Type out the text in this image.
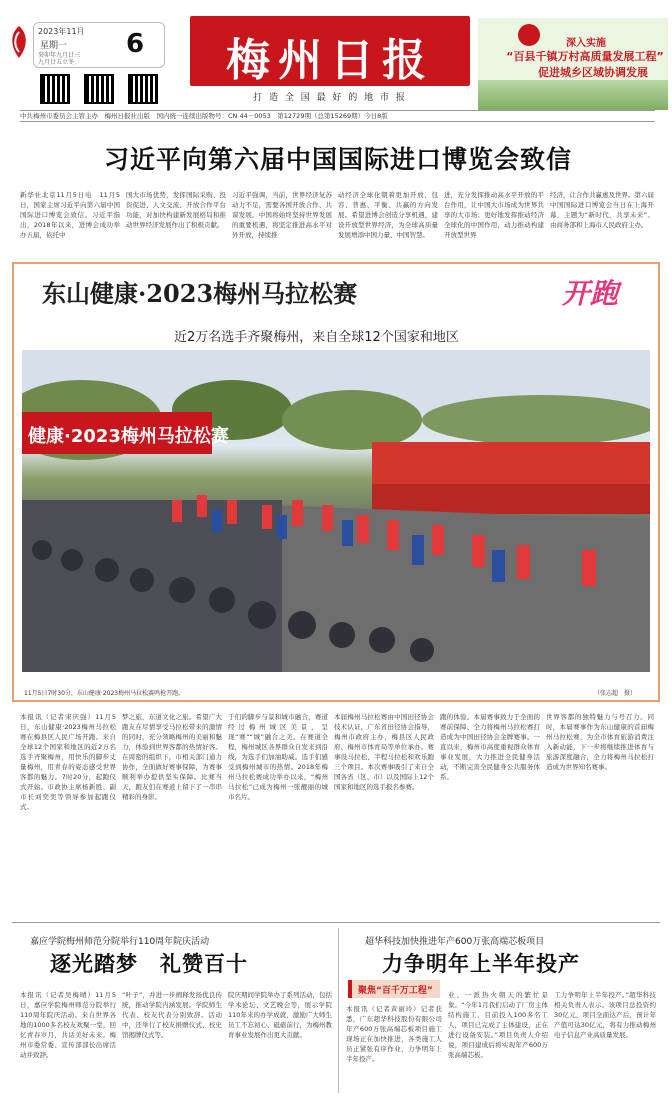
2023年11月
星期一
癸卯年九月廿三
九月廿五立冬
6	梅州日报
打 造 全 国 最 好 的 地 市 报
深入实施
“百县千镇万村高质量发展工程”
促进城乡区域协调发展
中共梅州市委员会主管主办　梅州日报社出版　国内统一连续出版物号：CN 44－0053　第12729期（总第15269期）今日8版
习近平向第六届中国国际进口博览会致信
新华社北京11月5日电　11月5日，国家主席习近平向第六届中国国际进口博览会致信。习近平指出，2018年以来，进博会成功举办五届，依托中
国大市场优势，发挥国际采购、投资促进、人文交流、开放合作平台功能，对加快构建新发展格局和推动世界经济发展作出了积极贡献。
习近平强调，当前，世界经济复苏动力不足，需要各国开放合作、共谋发展。中国将始终坚持世界发展的重要机遇，将坚定推进高水平对外开放，持续推
动经济全球化朝着更加开放、包容、普惠、平衡、共赢的方向发展。希望进博会创造分享机遇，建设开放型世界经济，为全球高质量发展增添中国力量、中国智慧。
进，充分发挥推动高水平开放的平台作用，让中国大市场成为世界共享的大市场；更好地发挥推动经济全球化的中国作用，动力推动构建开放型世界
经济，让合作共赢惠及世界。第六届中国国际进口博览会当日在上海开幕，主题为“新时代，共享未来”。由商务部和上海市人民政府主办。
东山健康·2023梅州马拉松赛	开跑
近2万名选手齐聚梅州，来自全球12个国家和地区
健康·2023梅州马拉松赛
11月5日7时30分，东山健康·2023梅州马拉松赛鸣枪开跑。	（张志超　摄）
本报讯（记者宋庆强）11月5日，东山健康·2023梅州马拉松赛在梅县区人民广场开跑。来自全球12个国家和地区的近2万名选手齐聚梅州，用快乐的脚步丈量梅州，用青春的姿态感受世界客都的魅力。7时20分，起跑仪式开始。市政协主席杨新胜、副市长刘奕奕等领导参加起跑仪式。
梦之旅，东道文化之旅。希望广大跑友在尽情享受马拉松带来的激情的同时，充分领略梅州的美丽和魅力，体验到世界客都的热情好客。在周密的组织下，市相关部门通力协作，全面做好赛事保障，为赛事顺利举办提供坚实保障。比赛当天，跑友们在赛道上留下了一串串精彩的身影。
于们的脚步与景和城市融合，赛道经过梅州城区美景，呈现“赛”“城”融合之美。在赛道全程，梅州城区各界群众自发来到沿线，为选手们加油助威。选手们感受到梅州城市的热情。2018年梅州马拉松赛成功举办以来，“梅州马拉松”已成为梅州一张靓丽的城市名片。
本届梅州马拉松赛由中国田径协会技术认证，广东省田径协会指导，梅州市政府主办，梅县区人民政府、梅州市体育局等单位承办。赛事设马拉松、半程马拉松和欢乐跑三个项目。本次赛事吸引了来自全国各省（区、市）以及国际上12个国家和地区的选手报名参赛。
跑的体验。本届赛事致力于全面的赛前保障、全力将梅州马拉松赛打造成为中国田径协会金牌赛事。一直以来，梅州市高度重视群众体育事业发展，大力推进全民健身活动，不断完善全民健身公共服务体系。
世界客都的独特魅力与号召力。同时，本届赛事作为东山健康的首届梅州马拉松赛，为全市体育旅游消费注入新动能，下一步将继续推进体育与旅游深度融合，全力将梅州马拉松打造成为世界知名赛事。
嘉应学院梅州师范分院举行110周年院庆活动
逐光踏梦　礼赞百十
本报讯（记者吴梅晴）11月5日，嘉应学院梅州师范分院举行110周年院庆活动。来自世界各地的1000多名校友欢聚一堂，回忆青春岁月，共话美好未来。梅州市委常委、宣传部部长出席活动并致辞。
“叶子”，并进一步阐释发扬优良传统，推动学院内涵发展。学院师生代表、校友代表分别致辞。活动中，还举行了校友捐赠仪式、校史馆揭牌仪式等。
院庆期间学院举办了系列活动，包括学术论坛、文艺晚会等，展示学院110年来的办学成就，激励广大师生员工不忘初心、砥砺前行，为梅州教育事业发展作出更大贡献。
超华科技加快推进年产600万张高端芯板项目
力争明年上半年投产
聚焦“百千万工程”
本报讯（记者黄丽玲）记者获悉，广东超华科技股份有限公司年产600万张高端芯板项目施工现场正在加快推进，各类施工人员正紧张有序作业，力争明年上半年投产。
业、一派热火朝天的繁忙景象。“今年1月我们启动了厂房主体结构施工，目前投入100多名工人，项目已完成了主体建设，正在进行设备安装。”项目负责人介绍说，项目建成后将实现年产600万张高端芯板。
工力争明年上半年投产。”超华科技相关负责人表示。该项目总投资约30亿元，项目全面达产后，预计年产值可达30亿元，将有力推动梅州电子信息产业高质量发展。
